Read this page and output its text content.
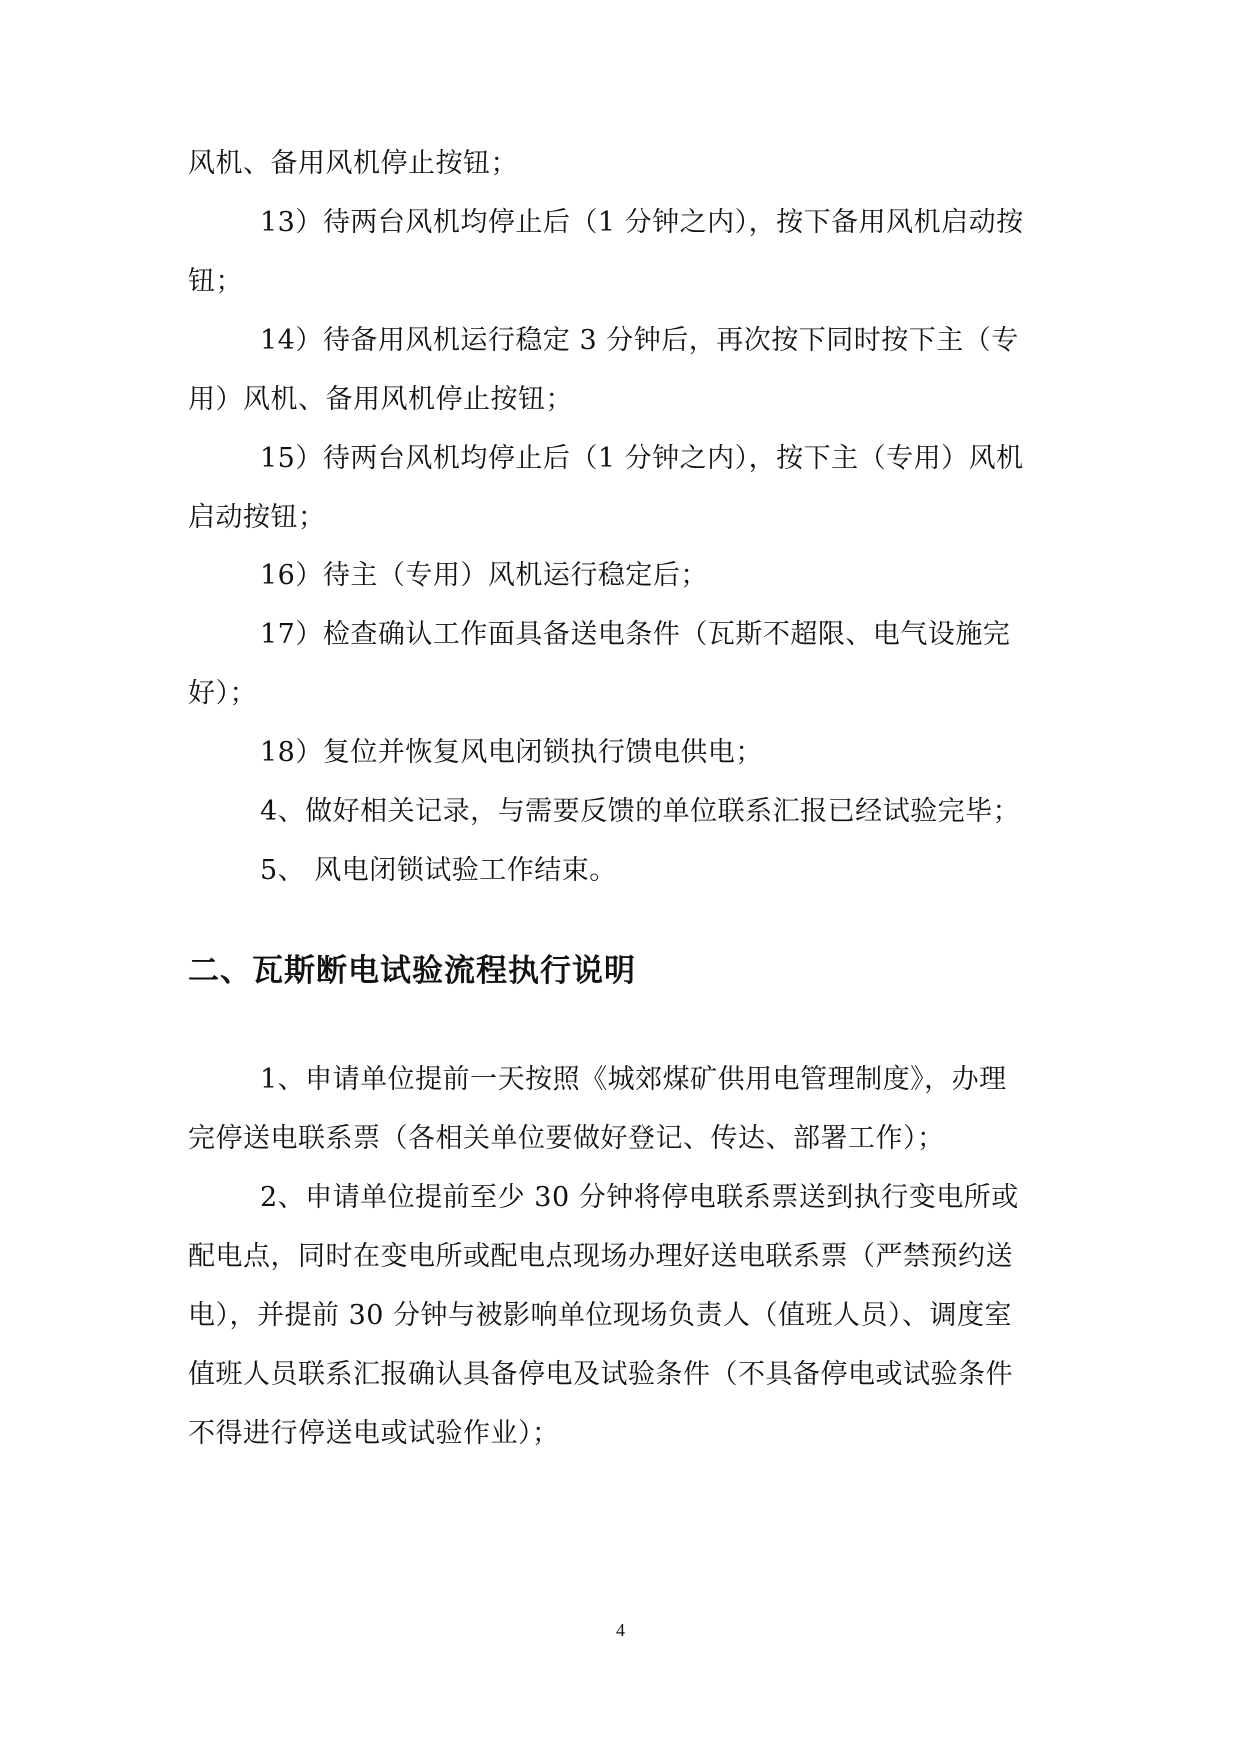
风机、备用风机停止按钮；
13）待两台风机均停止后（1 分钟之内），按下备用风机启动按
钮；
14）待备用风机运行稳定 3 分钟后，再次按下同时按下主（专
用）风机、备用风机停止按钮；
15）待两台风机均停止后（1 分钟之内），按下主（专用）风机
启动按钮；
16）待主（专用）风机运行稳定后；
17）检查确认工作面具备送电条件（瓦斯不超限、电气设施完
好）；
18）复位并恢复风电闭锁执行馈电供电；
4、做好相关记录，与需要反馈的单位联系汇报已经试验完毕；
5、 风电闭锁试验工作结束。
二、瓦斯断电试验流程执行说明
1、申请单位提前一天按照《城郊煤矿供用电管理制度》，办理
完停送电联系票（各相关单位要做好登记、传达、部署工作）；
2、申请单位提前至少 30 分钟将停电联系票送到执行变电所或
配电点，同时在变电所或配电点现场办理好送电联系票（严禁预约送
电），并提前 30 分钟与被影响单位现场负责人（值班人员）、调度室
值班人员联系汇报确认具备停电及试验条件（不具备停电或试验条件
不得进行停送电或试验作业）；
4
